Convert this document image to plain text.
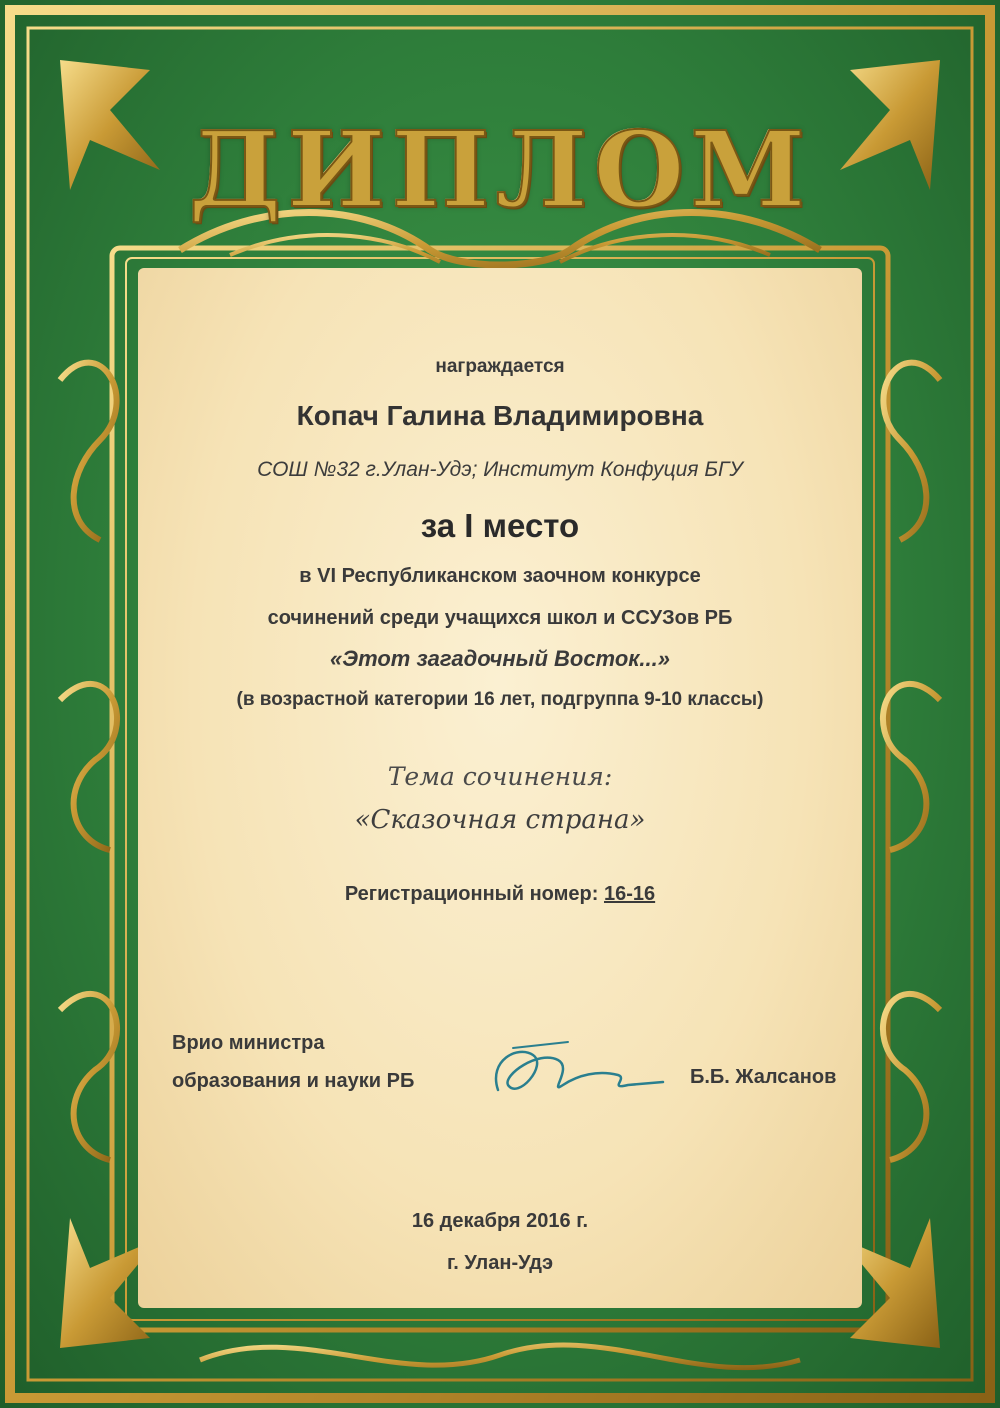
ДИПЛОМ
награждается
Копач Галина Владимировна
СОШ №32 г.Улан-Удэ; Институт Конфуция БГУ
за I место
в VI Республиканском заочном конкурсе
сочинений среди учащихся школ и ССУЗов РБ
«Этот загадочный Восток...»
(в возрастной категории 16 лет, подгруппа 9-10 классы)
Тема сочинения:
«Сказочная страна»
Регистрационный номер: 16-16
Врио министра
образования и науки РБ	Б.Б. Жалсанов
16 декабря 2016 г.
г. Улан-Удэ
